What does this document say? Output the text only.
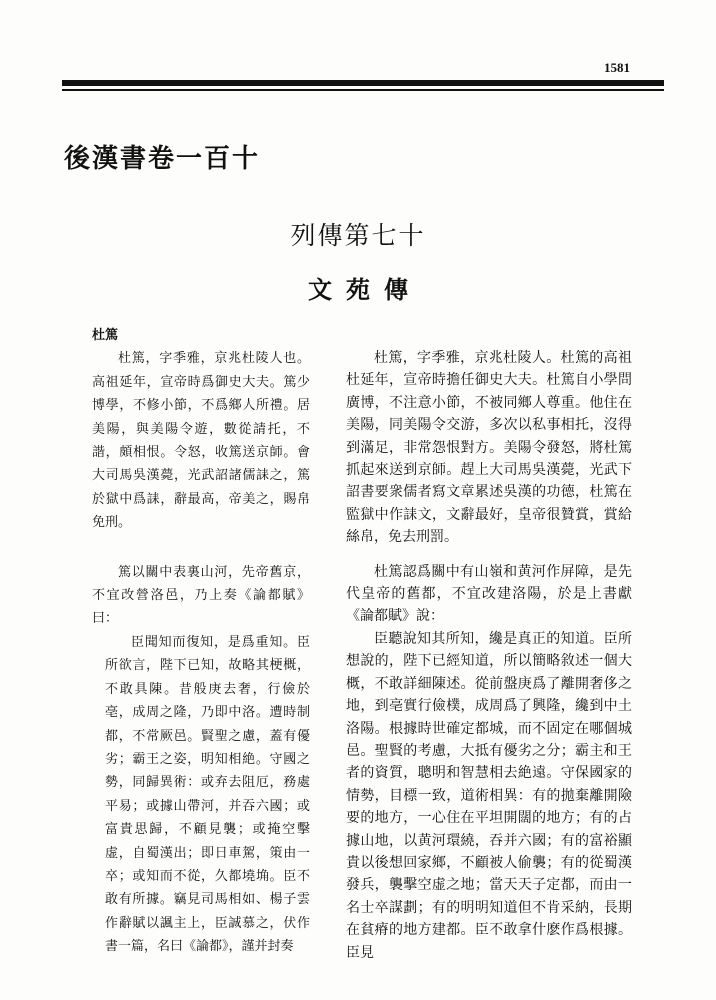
1581
後漢書卷一百十
列傳第七十
文苑傳
杜篤

杜篤，字季雅，京兆杜陵人也。高祖延年，宣帝時爲御史大夫。篤少博學，不修小節，不爲鄉人所禮。居美陽，與美陽令遊，數從請托，不諧，頗相恨。令怒，收篤送京師。會大司馬吳漢薨，光武詔諸儒誄之，篤於獄中爲誄，辭最高，帝美之，賜帛免刑。

篤以關中表裏山河，先帝舊京，不宜改營洛邑，乃上奏《論都賦》曰：

臣聞知而復知，是爲重知。臣所欲言，陛下已知，故略其梗概，不敢具陳。昔般庚去奢，行儉於亳，成周之隆，乃即中洛。遭時制都，不常厥邑。賢聖之慮，蓋有優劣；霸王之姿，明知相絶。守國之勢，同歸異術：或弃去阻厄，務處平易；或據山帶河，并吞六國；或富貴思歸，不顧見襲；或掩空擊虚，自蜀漢出；即日車駕，策由一卒；或知而不從，久都墝埆。臣不敢有所據。竊見司馬相如、楊子雲作辭賦以諷主上，臣誠慕之，伏作書一篇，名曰《論都》，謹并封奏

杜篤，字季雅，京兆杜陵人。杜篤的高祖杜延年，宣帝時擔任御史大夫。杜篤自小學問廣博，不注意小節，不被同鄉人尊重。他住在美陽，同美陽令交游，多次以私事相托，沒得到滿足，非常怨恨對方。美陽令發怒，將杜篤抓起來送到京師。趕上大司馬吳漢薨，光武下詔書要衆儒者寫文章累述吳漢的功德，杜篤在監獄中作誄文，文辭最好，皇帝很贊賞，賞給絲帛，免去刑罰。

杜篤認爲關中有山嶺和黄河作屏障，是先代皇帝的舊都，不宜改建洛陽，於是上書獻《論都賦》說：

臣聽說知其所知，纔是真正的知道。臣所想說的，陛下已經知道，所以簡略敘述一個大概，不敢詳細陳述。從前盤庚爲了離開奢侈之地，到亳實行儉樸，成周爲了興隆，纔到中土洛陽。根據時世確定都城，而不固定在哪個城邑。聖賢的考慮，大抵有優劣之分；霸主和王者的資質，聰明和智慧相去絶遠。守保國家的情勢，目標一致，道術相異：有的拋棄離開險要的地方，一心住在平坦開闊的地方；有的占據山地，以黄河環繞，吞并六國；有的富裕顯貴以後想回家鄉，不顧被人偷襲；有的從蜀漢發兵，襲擊空虚之地；當天天子定都，而由一名士卒謀劃；有的明明知道但不肯采納，長期在貧瘠的地方建都。臣不敢拿什麽作爲根據。臣見
